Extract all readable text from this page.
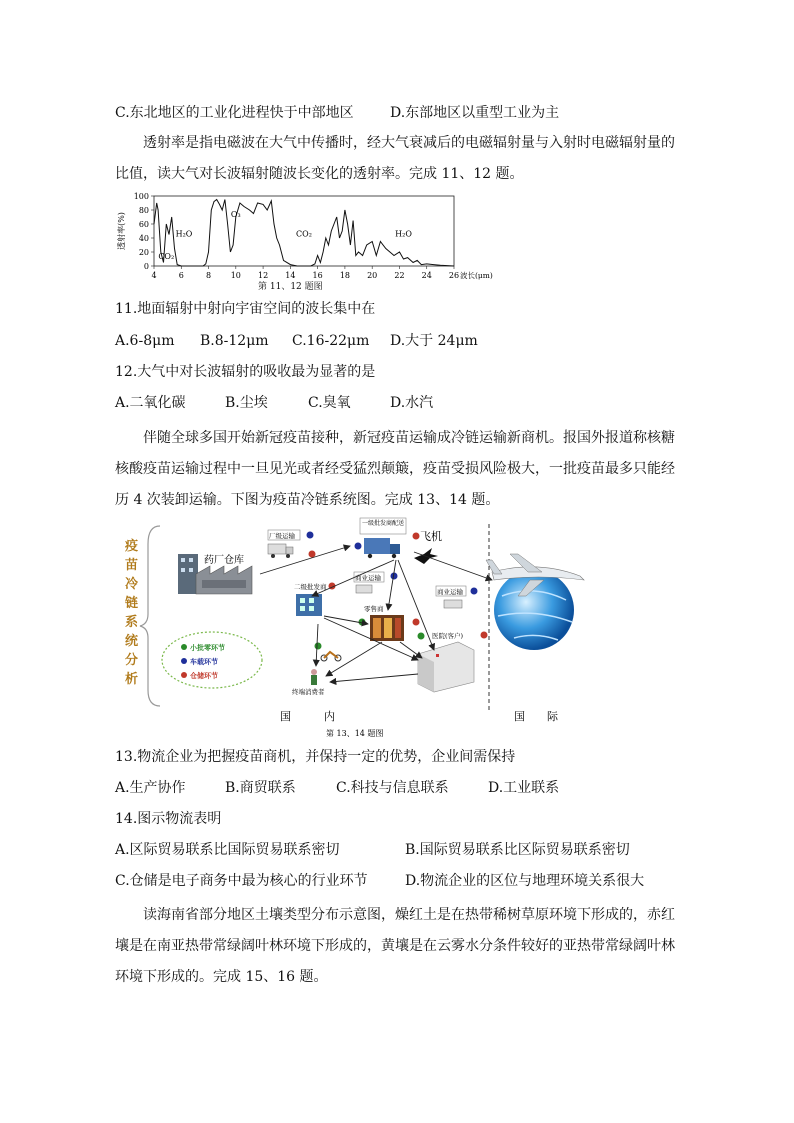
C.东北地区的工业化进程快于中部地区	D.东部地区以重型工业为主
透射率是指电磁波在大气中传播时，经大气衰减后的电磁辐射量与入射时电磁辐射量的比值，读大气对长波辐射随波长变化的透射率。完成 11、12 题。
0
20
40
60
80
100
4	6	8 10 12 14 16 18 20 22 24 26
透射率(%)
波长(μm)
CO₂
H₂O
O₃
CO₂	H₂O
第 11、12 题图
11.地面辐射中射向宇宙空间的波长集中在
A.6-8μm B.8-12μm C.16-22μm D.大于 24μm
12.大气中对长波辐射的吸收最为显著的是
A.二氧化碳	B.尘埃	C.臭氧	D.水汽
伴随全球多国开始新冠疫苗接种，新冠疫苗运输成冷链运输新商机。报国外报道称核糖核酸疫苗运输过程中一旦见光或者经受猛烈颠簸，疫苗受损风险极大，一批疫苗最多只能经历 4 次装卸运输。下图为疫苗冷链系统图。完成 13、14 题。
疫
苗
冷
链
系
统
分
析
药厂仓库
厂级运输
一级批发商配送
飞机
商业运输
商业运输
二级批发商
零售商
医院(客户)
终端消费者
小批零环节
车载环节
仓储环节
国　　　内	国　　际
第 13、14 题图
13.物流企业为把握疫苗商机，并保持一定的优势，企业间需保持
A.生产协作	B.商贸联系	C.科技与信息联系	D.工业联系
14.图示物流表明
A.区际贸易联系比国际贸易联系密切	B.国际贸易联系比区际贸易联系密切
C.仓储是电子商务中最为核心的行业环节	D.物流企业的区位与地理环境关系很大
读海南省部分地区土壤类型分布示意图，燥红土是在热带稀树草原环境下形成的，赤红壤是在南亚热带常绿阔叶林环境下形成的，黄壤是在云雾水分条件较好的亚热带常绿阔叶林环境下形成的。完成 15、16 题。
